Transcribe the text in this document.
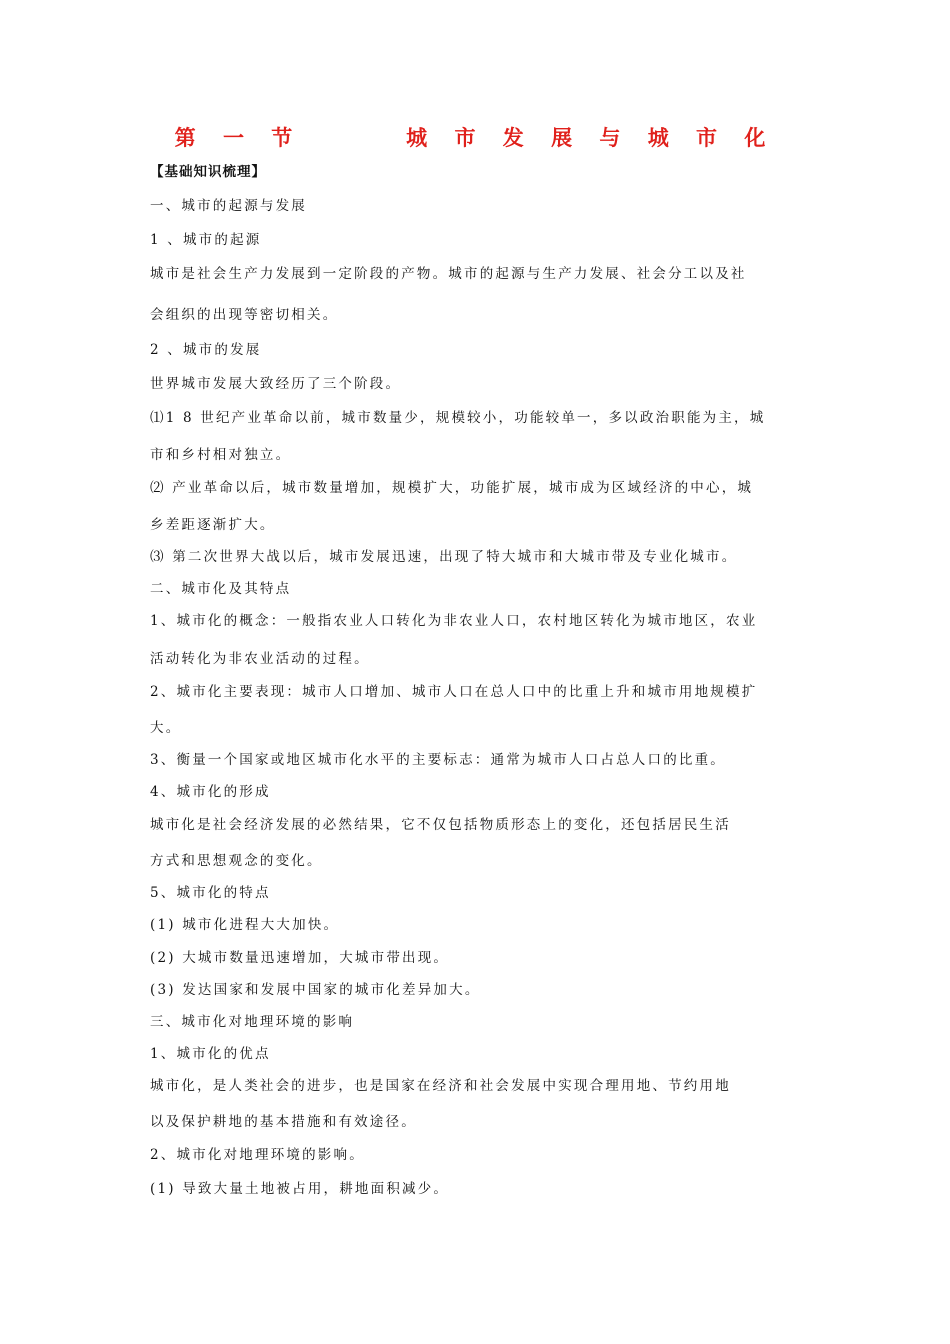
第 一 节      城 市 发 展 与 城 市 化
【基础知识梳理】
一、城市的起源与发展
1 、城市的起源
城市是社会生产力发展到一定阶段的产物。城市的起源与生产力发展、社会分工以及社
会组织的出现等密切相关。
2 、城市的发展
世界城市发展大致经历了三个阶段。
⑴1 8 世纪产业革命以前，城市数量少，规模较小，功能较单一，多以政治职能为主，城
市和乡村相对独立。
⑵ 产业革命以后，城市数量增加，规模扩大，功能扩展，城市成为区域经济的中心，城
乡差距逐渐扩大。
⑶ 第二次世界大战以后，城市发展迅速，出现了特大城市和大城市带及专业化城市。
二、城市化及其特点
1、城市化的概念：一般指农业人口转化为非农业人口，农村地区转化为城市地区，农业
活动转化为非农业活动的过程。
2、城市化主要表现：城市人口增加、城市人口在总人口中的比重上升和城市用地规模扩
大。
3、衡量一个国家或地区城市化水平的主要标志：通常为城市人口占总人口的比重。
4、城市化的形成
城市化是社会经济发展的必然结果，它不仅包括物质形态上的变化，还包括居民生活
方式和思想观念的变化。
5、城市化的特点
(1) 城市化进程大大加快。
(2) 大城市数量迅速增加，大城市带出现。
(3) 发达国家和发展中国家的城市化差异加大。
三、城市化对地理环境的影响
1、城市化的优点
城市化，是人类社会的进步，也是国家在经济和社会发展中实现合理用地、节约用地
以及保护耕地的基本措施和有效途径。
2、城市化对地理环境的影响。
(1) 导致大量土地被占用，耕地面积减少。
